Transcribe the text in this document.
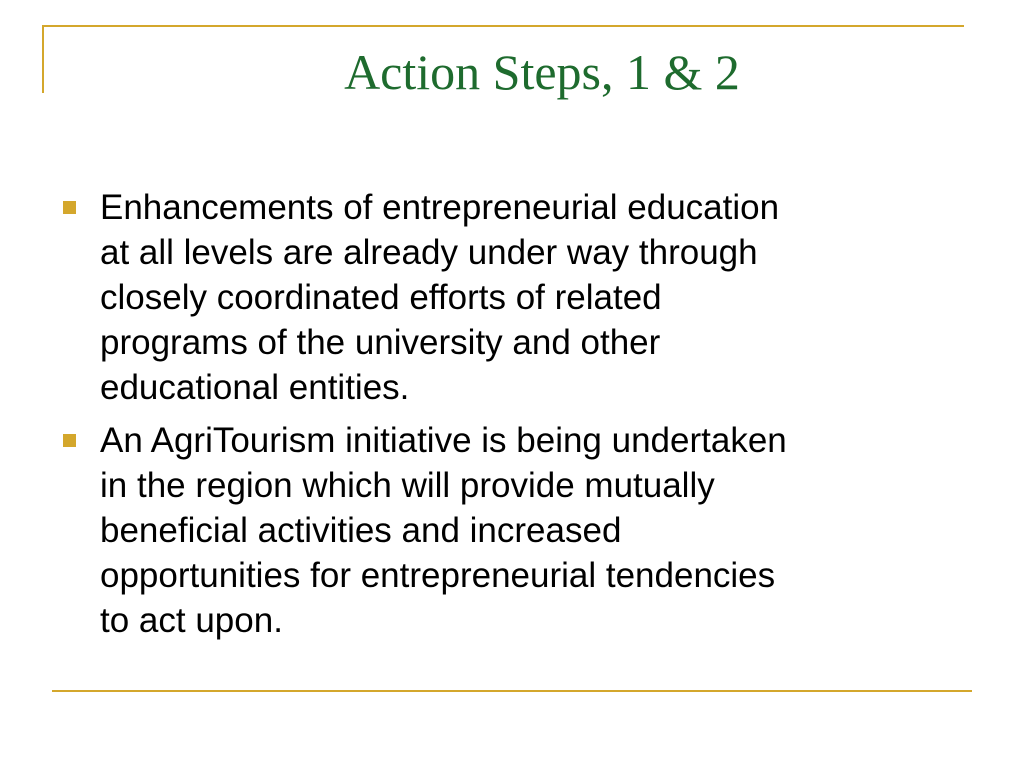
Action Steps, 1 & 2
Enhancements of entrepreneurial education
at all levels are already under way through
closely coordinated efforts of related
programs of the university and other
educational entities.
An AgriTourism initiative is being undertaken
in the region which will provide mutually
beneficial activities and increased
opportunities for entrepreneurial tendencies
to act upon.
